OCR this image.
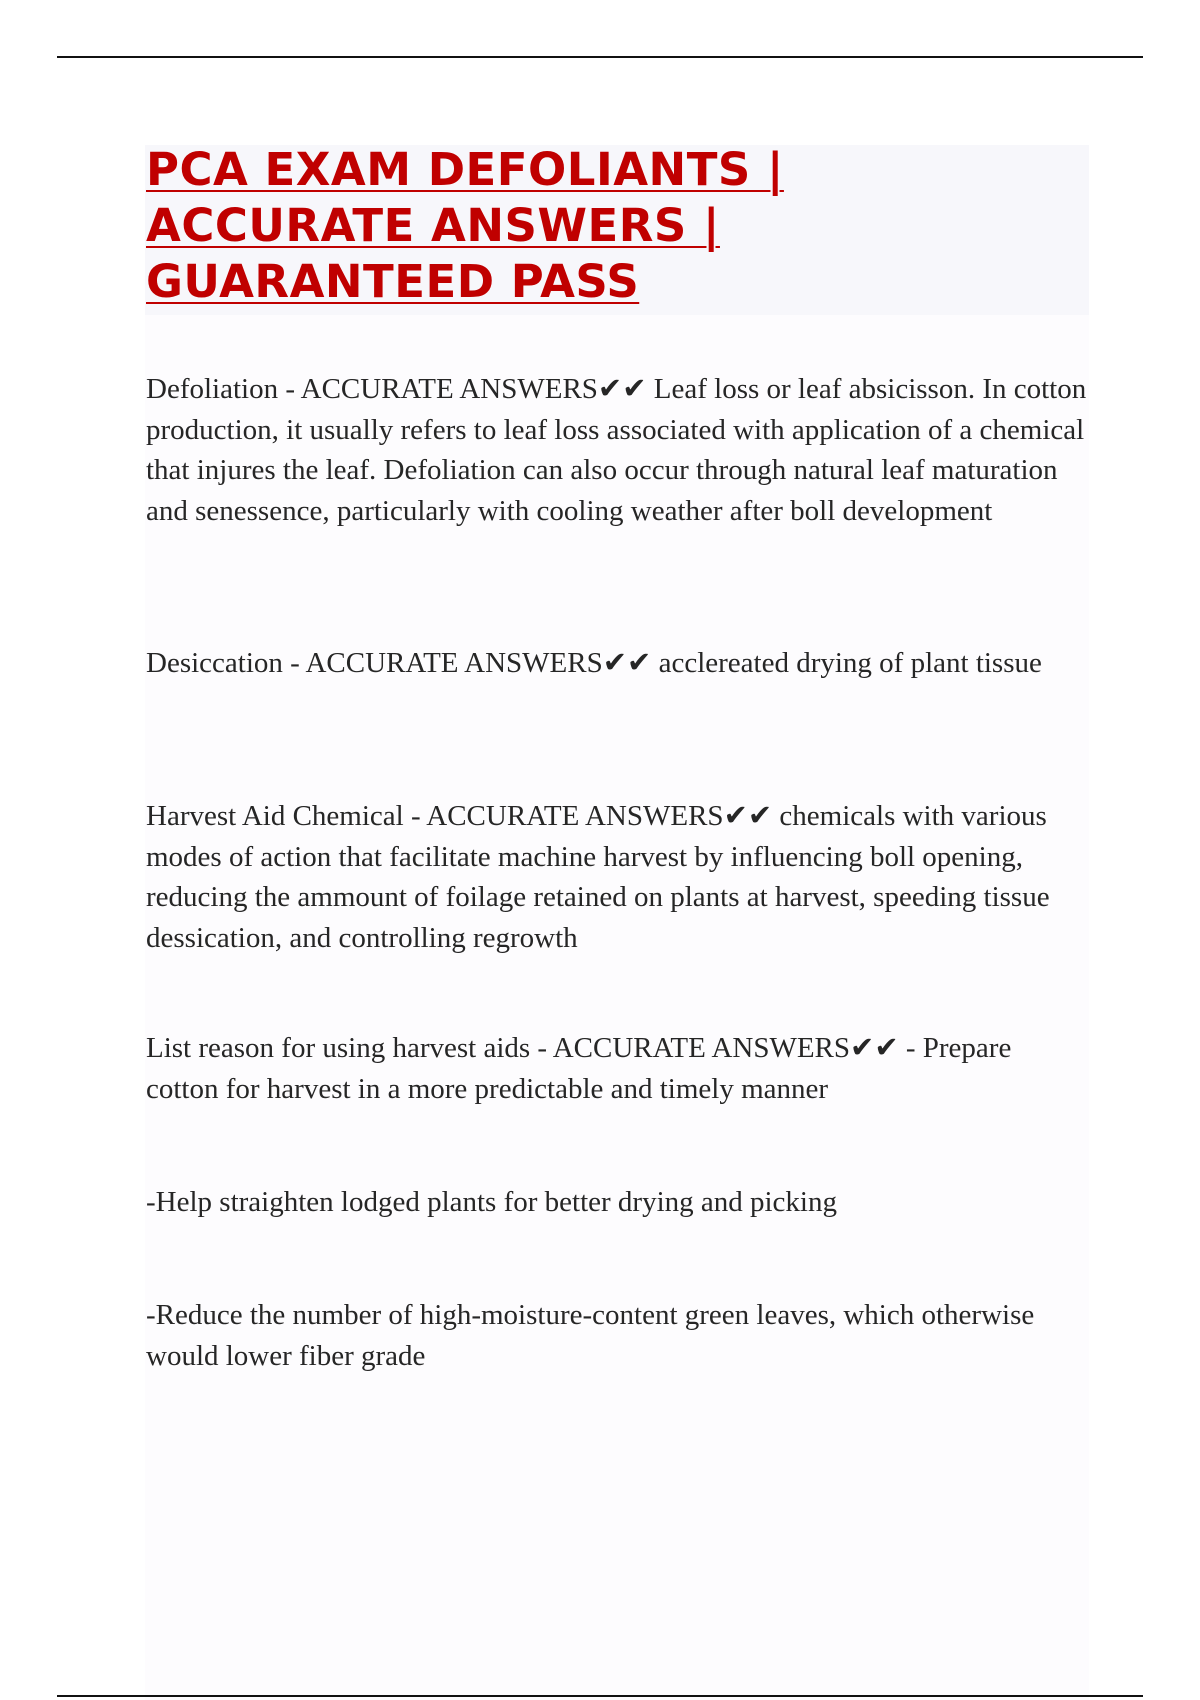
PCA EXAM DEFOLIANTS | ACCURATE ANSWERS | GUARANTEED PASS

Defoliation - ACCURATE ANSWERS✔✔ Leaf loss or leaf absicisson. In cotton production, it usually refers to leaf loss associated with application of a chemical that injures the leaf. Defoliation can also occur through natural leaf maturation and senessence, particularly with cooling weather after boll development

Desiccation - ACCURATE ANSWERS✔✔ acclereated drying of plant tissue

Harvest Aid Chemical - ACCURATE ANSWERS✔✔ chemicals with various modes of action that facilitate machine harvest by influencing boll opening, reducing the ammount of foilage retained on plants at harvest, speeding tissue dessication, and controlling regrowth

List reason for using harvest aids - ACCURATE ANSWERS✔✔ - Prepare cotton for harvest in a more predictable and timely manner

-Help straighten lodged plants for better drying and picking

-Reduce the number of high-moisture-content green leaves, which otherwise would lower fiber grade
